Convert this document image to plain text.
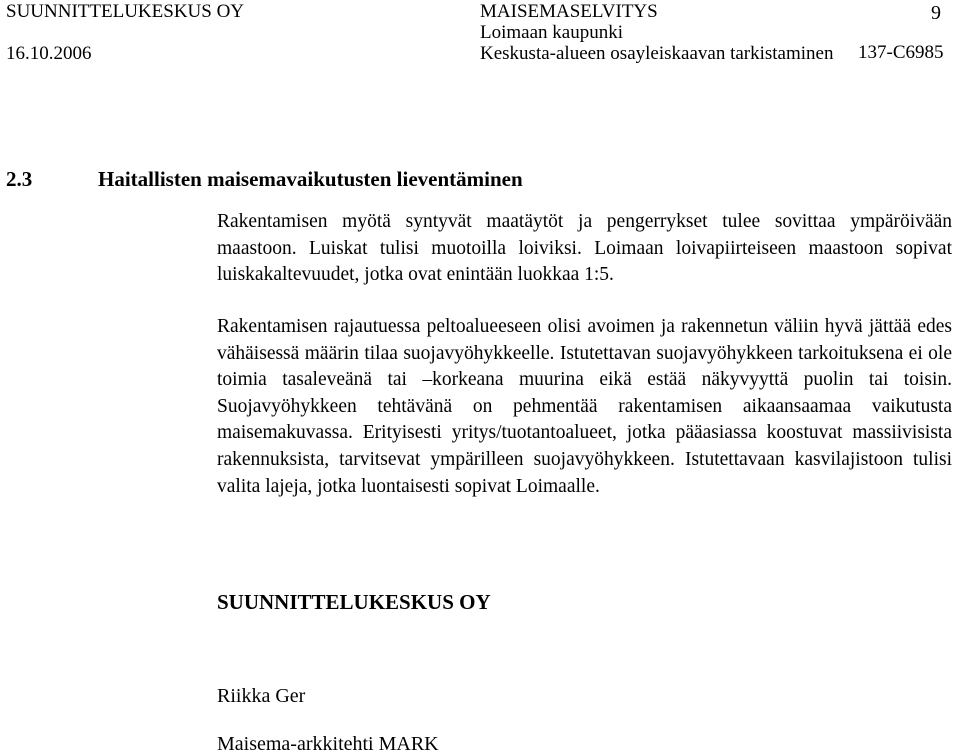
SUUNNITTELUKESKUS OY
16.10.2006
MAISEMASELVITYS
Loimaan kaupunki
Keskusta-alueen osayleiskaavan tarkistaminen
9
137-C6985
2.3	Haitallisten maisemavaikutusten lieventäminen
Rakentamisen myötä syntyvät maatäytöt ja pengerrykset tulee sovittaa ympäröivään maastoon. Luiskat tulisi muotoilla loiviksi. Loimaan loivapiirteiseen maastoon sopivat luiskakaltevuudet, jotka ovat enintään luokkaa 1:5.
Rakentamisen rajautuessa peltoalueeseen olisi avoimen ja rakennetun väliin hyvä jättää edes vähäisessä määrin tilaa suojavyöhykkeelle. Istutettavan suojavyöhykkeen tarkoituksena ei ole toimia tasaleveänä tai –korkeana muurina eikä estää näkyvyyttä puolin tai toisin. Suojavyöhykkeen tehtävänä on pehmentää rakentamisen aikaansaamaa vaikutusta maisemakuvassa. Erityisesti yritys/tuotantoalueet, jotka pääasiassa koostuvat massiivisista rakennuksista, tarvitsevat ympärilleen suojavyöhykkeen. Istutettavaan kasvilajistoon tulisi valita lajeja, jotka luontaisesti sopivat Loimaalle.
SUUNNITTELUKESKUS OY
Riikka Ger
Maisema-arkkitehti MARK
